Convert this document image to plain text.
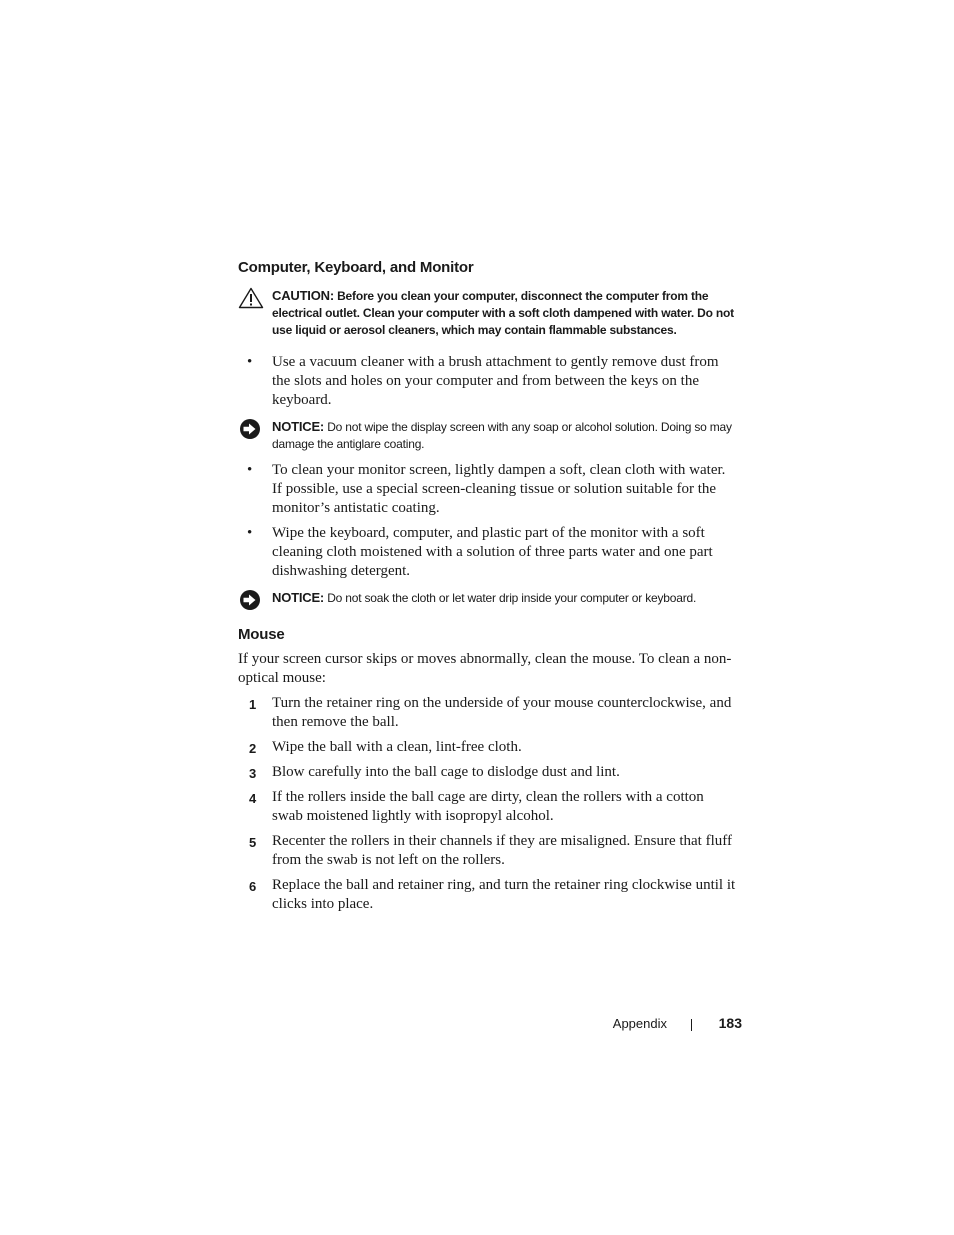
Computer, Keyboard, and Monitor
CAUTION: Before you clean your computer, disconnect the computer from the electrical outlet. Clean your computer with a soft cloth dampened with water. Do not use liquid or aerosol cleaners, which may contain flammable substances.
• Use a vacuum cleaner with a brush attachment to gently remove dust from the slots and holes on your computer and from between the keys on the keyboard.
NOTICE: Do not wipe the display screen with any soap or alcohol solution. Doing so may damage the antiglare coating.
• To clean your monitor screen, lightly dampen a soft, clean cloth with water. If possible, use a special screen-cleaning tissue or solution suitable for the monitor’s antistatic coating.
• Wipe the keyboard, computer, and plastic part of the monitor with a soft cleaning cloth moistened with a solution of three parts water and one part dishwashing detergent.
NOTICE: Do not soak the cloth or let water drip inside your computer or keyboard.
Mouse

If your screen cursor skips or moves abnormally, clean the mouse. To clean a non-optical mouse:

1 Turn the retainer ring on the underside of your mouse counterclockwise, and then remove the ball.
2 Wipe the ball with a clean, lint-free cloth.
3 Blow carefully into the ball cage to dislodge dust and lint.
4 If the rollers inside the ball cage are dirty, clean the rollers with a cotton swab moistened lightly with isopropyl alcohol.
5 Recenter the rollers in their channels if they are misaligned. Ensure that fluff from the swab is not left on the rollers.
6 Replace the ball and retainer ring, and turn the retainer ring clockwise until it clicks into place.
Appendix	183
